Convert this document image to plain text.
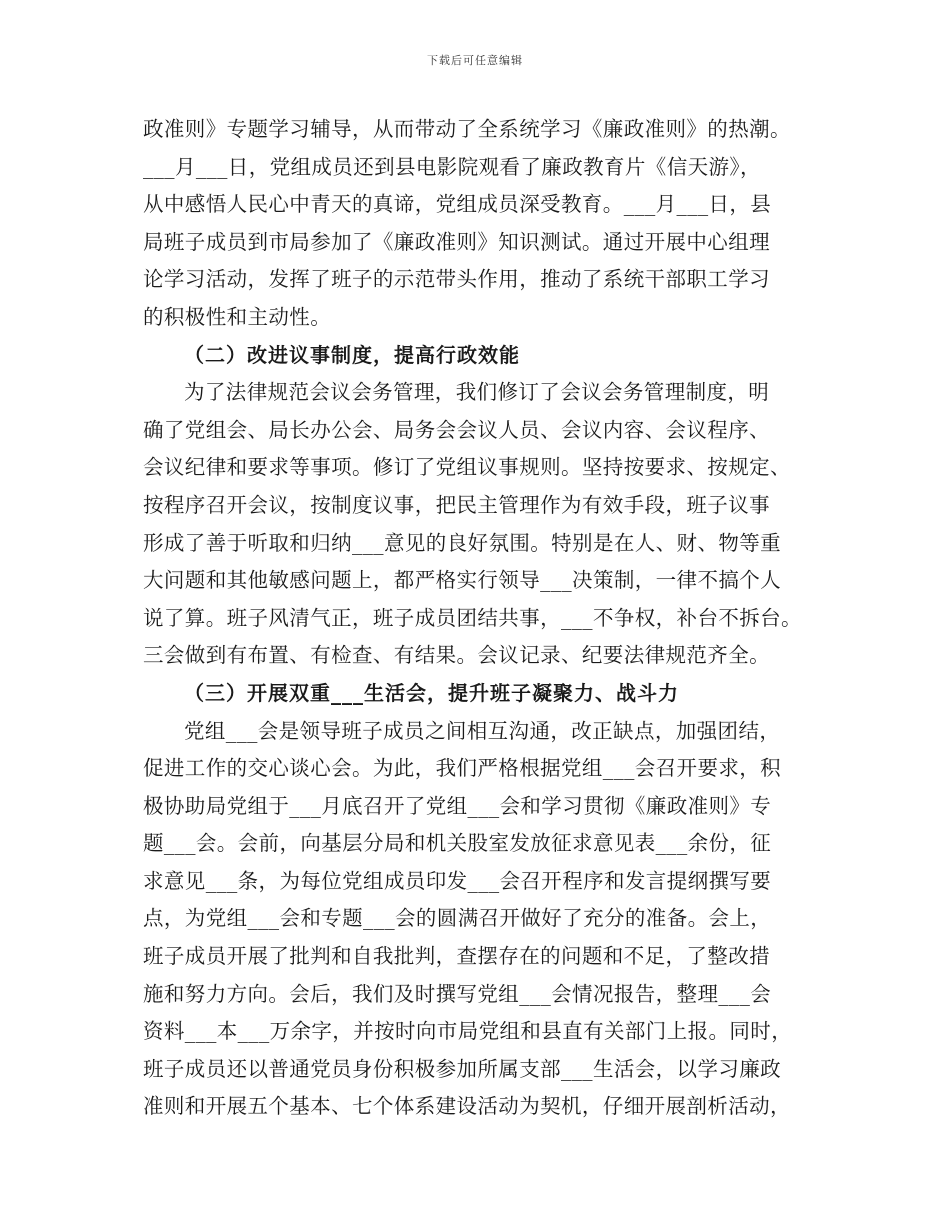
下载后可任意编辑
政准则》专题学习辅导，从而带动了全系统学习《廉政准则》的热潮。
___月___日，党组成员还到县电影院观看了廉政教育片《信天游》，
从中感悟人民心中青天的真谛，党组成员深受教育。___月___日，县
局班子成员到市局参加了《廉政准则》知识测试。通过开展中心组理
论学习活动，发挥了班子的示范带头作用，推动了系统干部职工学习
的积极性和主动性。
（二）改进议事制度，提高行政效能
为了法律规范会议会务管理，我们修订了会议会务管理制度，明
确了党组会、局长办公会、局务会会议人员、会议内容、会议程序、
会议纪律和要求等事项。修订了党组议事规则。坚持按要求、按规定、
按程序召开会议，按制度议事，把民主管理作为有效手段，班子议事
形成了善于听取和归纳___意见的良好氛围。特别是在人、财、物等重
大问题和其他敏感问题上，都严格实行领导___决策制，一律不搞个人
说了算。班子风清气正，班子成员团结共事，___不争权，补台不拆台。
三会做到有布置、有检查、有结果。会议记录、纪要法律规范齐全。
（三）开展双重___生活会，提升班子凝聚力、战斗力
党组___会是领导班子成员之间相互沟通，改正缺点，加强团结，
促进工作的交心谈心会。为此，我们严格根据党组___会召开要求，积
极协助局党组于___月底召开了党组___会和学习贯彻《廉政准则》专
题___会。会前，向基层分局和机关股室发放征求意见表___余份，征
求意见___条，为每位党组成员印发___会召开程序和发言提纲撰写要
点，为党组___会和专题___会的圆满召开做好了充分的准备。会上，
班子成员开展了批判和自我批判，查摆存在的问题和不足，了整改措
施和努力方向。会后，我们及时撰写党组___会情况报告，整理___会
资料___本___万余字，并按时向市局党组和县直有关部门上报。同时，
班子成员还以普通党员身份积极参加所属支部___生活会，以学习廉政
准则和开展五个基本、七个体系建设活动为契机，仔细开展剖析活动，
